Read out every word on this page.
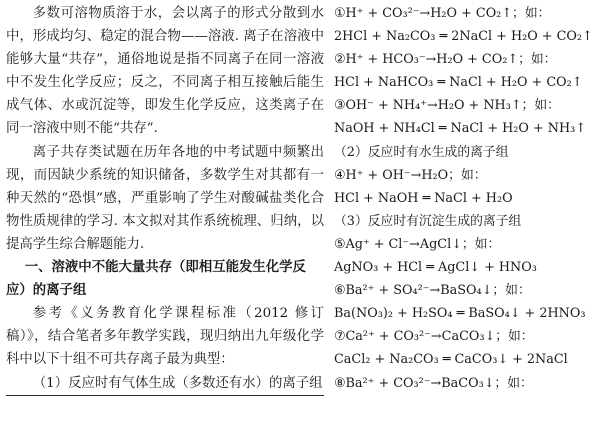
多数可溶物质溶于水，会以离子的形式分散到水中，形成均匀、稳定的混合物——溶液. 离子在溶液中能够大量“共存”，通俗地说是指不同离子在同一溶液中不发生化学反应；反之，不同离子相互接触后能生成气体、水或沉淀等，即发生化学反应，这类离子在同一溶液中则不能“共存”.

离子共存类试题在历年各地的中考试题中频繁出现，而因缺少系统的知识储备，多数学生对其都有一种天然的“恐惧”感，严重影响了学生对酸碱盐类化合物性质规律的学习. 本文拟对其作系统梳理、归纳，以提高学生综合解题能力.

一、溶液中不能大量共存（即相互能发生化学反应）的离子组

参考《义务教育化学课程标准（2012 修订稿）》，结合笔者多年教学实践，现归纳出九年级化学科中以下十组不可共存离子最为典型：

（1）反应时有气体生成（多数还有水）的离子组

①H⁺ + CO₃²⁻→H₂O + CO₂↑；如：

2HCl + Na₂CO₃ ═ 2NaCl + H₂O + CO₂↑

②H⁺ + HCO₃⁻→H₂O + CO₂↑；如：

HCl + NaHCO₃ ═ NaCl + H₂O + CO₂↑

③OH⁻ + NH₄⁺→H₂O + NH₃↑；如：

NaOH + NH₄Cl ═ NaCl + H₂O + NH₃↑

（2）反应时有水生成的离子组

④H⁺ + OH⁻→H₂O；如：

HCl + NaOH ═ NaCl + H₂O

（3）反应时有沉淀生成的离子组

⑤Ag⁺ + Cl⁻→AgCl↓；如：

AgNO₃ + HCl ═ AgCl↓ + HNO₃

⑥Ba²⁺ + SO₄²⁻→BaSO₄↓；如：

Ba(NO₃)₂ + H₂SO₄ ═ BaSO₄↓ + 2HNO₃

⑦Ca²⁺ + CO₃²⁻→CaCO₃↓；如：

CaCl₂ + Na₂CO₃ ═ CaCO₃↓ + 2NaCl

⑧Ba²⁺ + CO₃²⁻→BaCO₃↓；如：
